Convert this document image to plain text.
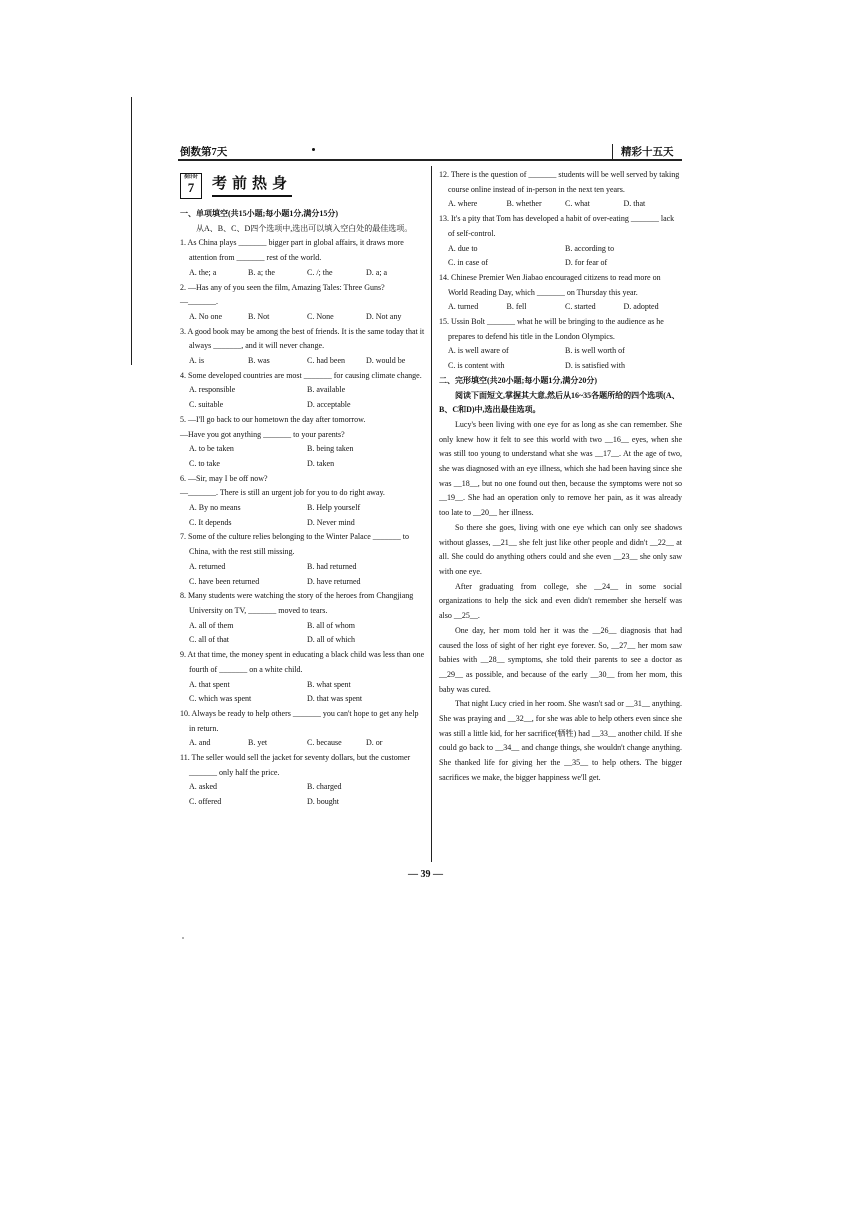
倒数第7天	精彩十五天
倒计时
7 考前热身

一、单项填空(共15小题;每小题1分,满分15分)

从A、B、C、D四个选项中,选出可以填入空白处的最佳选项。

1. As China plays _______ bigger part in global affairs, it draws more attention from _______ rest of the world.

A. the; a	B. a; the	C. /; the	D. a; a

2. —Has any of you seen the film, Amazing Tales: Three Guns?

—_______.

A. No one	B. Not	C. None	D. Not any

3. A good book may be among the best of friends. It is the same today that it always _______, and it will never change.

A. is	B. was	C. had been	D. would be

4. Some developed countries are most _______ for causing climate change.

A. responsible	B. available
C. suitable	D. acceptable

5. —I'll go back to our hometown the day after tomorrow.

—Have you got anything _______ to your parents?

A. to be taken	B. being taken
C. to take	D. taken

6. —Sir, may I be off now?

—_______. There is still an urgent job for you to do right away.

A. By no means	B. Help yourself
C. It depends	D. Never mind

7. Some of the culture relies belonging to the Winter Palace _______ to China, with the rest still missing.

A. returned	B. had returned
C. have been returned	D. have returned

8. Many students were watching the story of the heroes from Changjiang University on TV, _______ moved to tears.

A. all of them	B. all of whom
C. all of that	D. all of which

9. At that time, the money spent in educating a black child was less than one fourth of _______ on a white child.

A. that spent	B. what spent
C. which was spent	D. that was spent

10. Always be ready to help others _______ you can't hope to get any help in return.

A. and	B. yet	C. because	D. or

11. The seller would sell the jacket for seventy dollars, but the customer _______ only half the price.

A. asked	B. charged
C. offered	D. bought

12. There is the question of _______ students will be well served by taking course online instead of in-person in the next ten years.

A. where	B. whether	C. what	D. that

13. It's a pity that Tom has developed a habit of over-eating _______ lack of self-control.

A. due to	B. according to
C. in case of	D. for fear of

14. Chinese Premier Wen Jiabao encouraged citizens to read more on World Reading Day, which _______ on Thursday this year.

A. turned	B. fell	C. started	D. adopted

15. Ussin Bolt _______ what he will be bringing to the audience as he prepares to defend his title in the London Olympics.

A. is well aware of	B. is well worth of
C. is content with	D. is satisfied with

二、完形填空(共20小题;每小题1分,满分20分)

阅读下面短文,掌握其大意,然后从16~35各题所给的四个选项(A、B、C和D)中,选出最佳选项。

Lucy's been living with one eye for as long as she can remember. She only knew how it felt to see this world with two __16__ eyes, when she was still too young to understand what she was __17__. At the age of two, she was diagnosed with an eye illness, which she had been having since she was __18__, but no one found out then, because the symptoms were not so __19__. She had an operation only to remove her pain, as it was already too late to __20__ her illness.

So there she goes, living with one eye which can only see shadows without glasses, __21__ she felt just like other people and didn't __22__ at all. She could do anything others could and she even __23__ she only saw with one eye.

After graduating from college, she __24__ in some social organizations to help the sick and even didn't remember she herself was also __25__.

One day, her mom told her it was the __26__ diagnosis that had caused the loss of sight of her right eye forever. So, __27__ her mom saw babies with __28__ symptoms, she told their parents to see a doctor as __29__ as possible, and because of the early __30__ from her mom, this baby was cured.

That night Lucy cried in her room. She wasn't sad or __31__ anything. She was praying and __32__, for she was able to help others even since she was still a little kid, for her sacrifice(牺牲) had __33__ another child. If she could go back to __34__ and change things, she wouldn't change anything. She thanked life for giving her the __35__ to help others. The bigger sacrifices we make, the bigger happiness we'll get.

— 39 —
